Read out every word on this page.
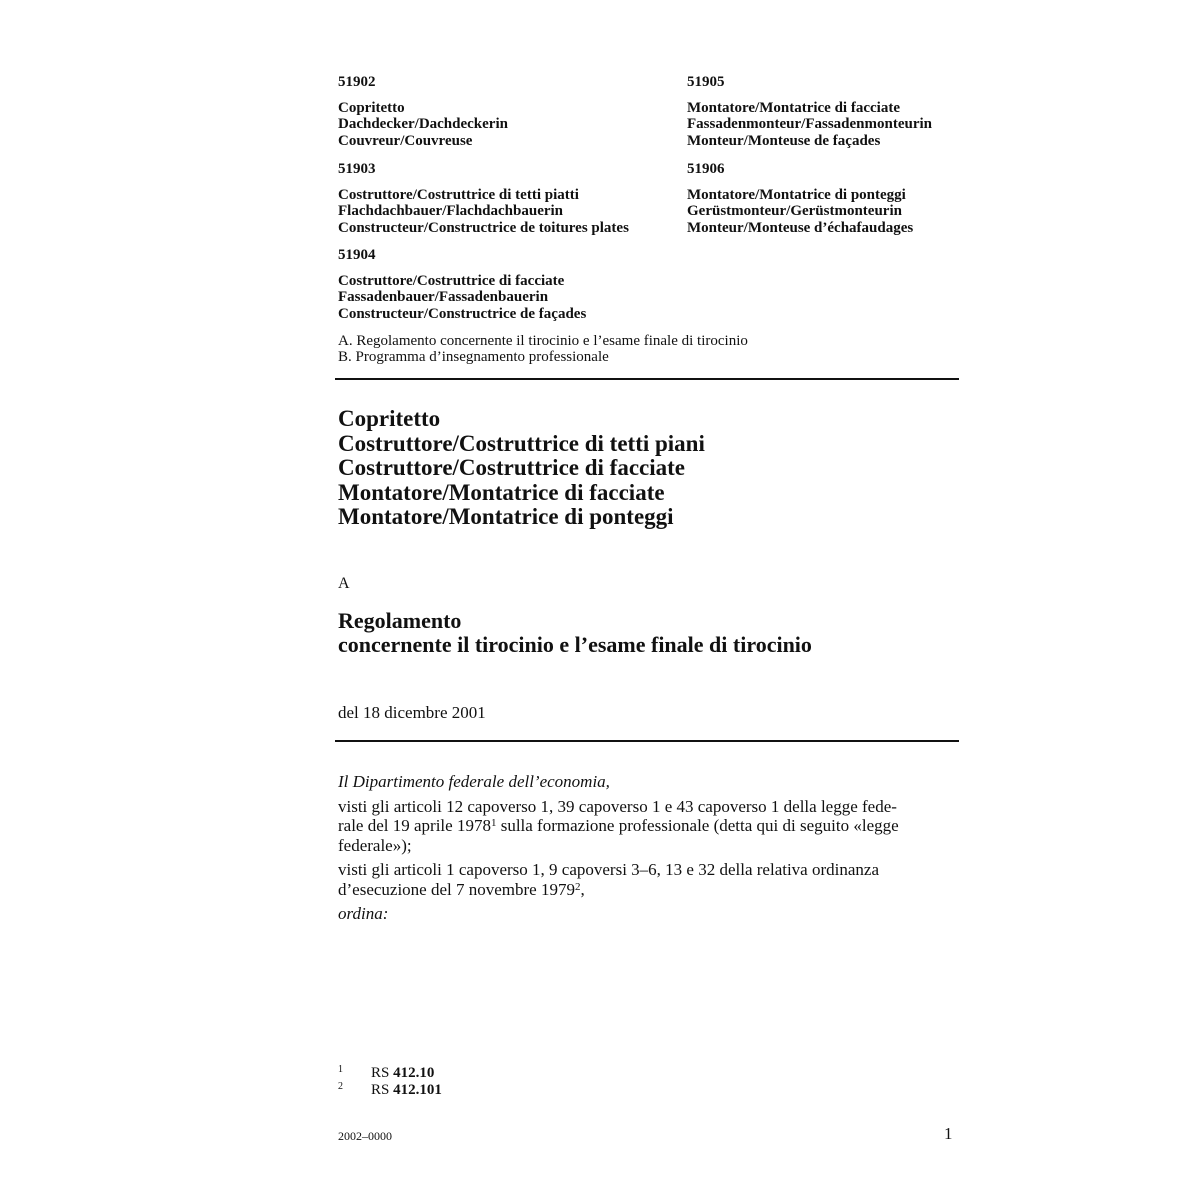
51902
Copritetto
Dachdecker/Dachdeckerin
Couvreur/Couvreuse
51903
Costruttore/Costruttrice di tetti piatti
Flachdachbauer/Flachdachbauerin
Constructeur/Constructrice de toitures plates
51904
Costruttore/Costruttrice di facciate
Fassadenbauer/Fassadenbauerin
Constructeur/Constructrice de façades
51905
Montatore/Montatrice di facciate
Fassadenmonteur/Fassadenmonteurin
Monteur/Monteuse de façades
51906
Montatore/Montatrice di ponteggi
Gerüstmonteur/Gerüstmonteurin
Monteur/Monteuse d’échafaudages
A. Regolamento concernente il tirocinio e l’esame finale di tirocinio
B. Programma d’insegnamento professionale
Copritetto
Costruttore/Costruttrice di tetti piani
Costruttore/Costruttrice di facciate
Montatore/Montatrice di facciate
Montatore/Montatrice di ponteggi
A
Regolamento
concernente il tirocinio e l’esame finale di tirocinio
del 18 dicembre 2001
Il Dipartimento federale dell’economia,
visti gli articoli 12 capoverso 1, 39 capoverso 1 e 43 capoverso 1 della legge fede-
rale del 19 aprile 1978$^1$ sulla formazione professionale (detta qui di seguito «legge
federale»);
visti gli articoli 1 capoverso 1, 9 capoversi 3–6, 13 e 32 della relativa ordinanza
d’esecuzione del 7 novembre 1979$^2$,
ordina:
1 RS 412.10
2 RS 412.101
2002–0000	1
